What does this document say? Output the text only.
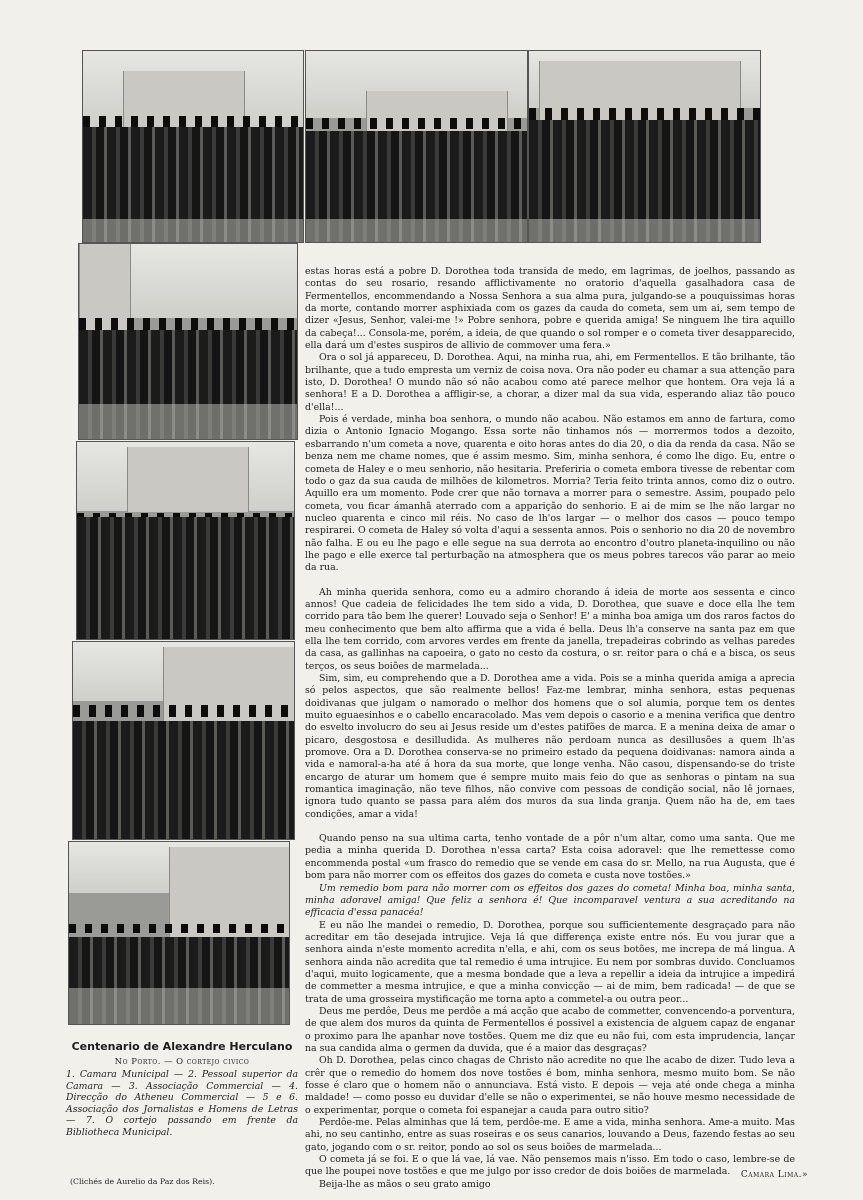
Centenario de Alexandre Herculano
No Porto. — O cortejo civico
1. Camara Municipal — 2. Pessoal superior da Camara — 3. Associação Commercial — 4. Direcção do Atheneu Commercial — 5 e 6. Associação dos Jornalistas e Homens de Letras — 7. O cortejo passando em frente da Bibliotheca Municipal.
(Clichés de Aurelio da Paz dos Reis).

estas horas está a pobre D. Dorothea toda transida de medo, em lagrimas, de joelhos, passando as contas do seu rosario, resando afflictivamente no oratorio d'aquella gasalhadora casa de Fermentellos, encommendando a Nossa Senhora a sua alma pura, julgando-se a pouquissimas horas da morte, contando morrer asphixiada com os gazes da cauda do cometa, sem um ai, sem tempo de dizer «Jesus, Senhor, valei-me !» Pobre senhora, pobre e querida amiga! Se ninguem lhe tira aquillo da cabeça!... Consola-me, porém, a ideia, de que quando o sol romper e o cometa tiver desapparecido, ella dará um d'estes suspiros de allivio de commover uma fera.»

Ora o sol já appareceu, D. Dorothea. Aqui, na minha rua, ahi, em Fermentellos. E tão brilhante, tão brilhante, que a tudo empresta um verniz de coisa nova. Ora não poder eu chamar a sua attenção para isto, D. Dorothea! O mundo não só não acabou como até parece melhor que hontem. Ora veja lá a senhora! E a D. Dorothea a affligir-se, a chorar, a dizer mal da sua vida, esperando aliaz tão pouco d'ella!...

Pois é verdade, minha boa senhora, o mundo não acabou. Não estamos em anno de fartura, como dizia o Antonio Ignacio Mogango. Essa sorte não tinhamos nós — morrermos todos a dezoito, esbarrando n'um cometa a nove, quarenta e oito horas antes do dia 20, o dia da renda da casa. Não se benza nem me chame nomes, que é assim mesmo. Sim, minha senhora, é como lhe digo. Eu, entre o cometa de Haley e o meu senhorio, não hesitaria. Preferiria o cometa embora tivesse de rebentar com todo o gaz da sua cauda de milhões de kilometros. Morria? Teria feito trinta annos, como diz o outro. Aquillo era um momento. Pode crer que não tornava a morrer para o semestre. Assim, poupado pelo cometa, vou ficar ámanhã aterrado com a apparição do senhorio. E ai de mim se lhe não largar no nucleo quarenta e cinco mil réis. No caso de lh'os largar — o melhor dos casos — pouco tempo respirarei. O cometa de Haley só volta d'aqui a sessenta annos. Pois o senhorio no dia 20 de novembro não falha. E ou eu lhe pago e elle segue na sua derrota ao encontro d'outro planeta-inquilino ou não lhe pago e elle exerce tal perturbação na atmosphera que os meus pobres tarecos vão parar ao meio da rua.

Ah minha querida senhora, como eu a admiro chorando á ideia de morte aos sessenta e cinco annos! Que cadeia de felicidades lhe tem sido a vida, D. Dorothea, que suave e doce ella lhe tem corrido para tão bem lhe querer! Louvado seja o Senhor! E' a minha boa amiga um dos raros factos do meu conhecimento que bem alto affirma que a vida é bella. Deus lh'a conserve na santa paz em que ella lhe tem corrido, com arvores verdes em frente da janella, trepadeiras cobrindo as velhas paredes da casa, as gallinhas na capoeira, o gato no cesto da costura, o sr. reitor para o chá e a bisca, os seus terços, os seus boiões de marmelada...

Sim, sim, eu comprehendo que a D. Dorothea ame a vida. Pois se a minha querida amiga a aprecia só pelos aspectos, que são realmente bellos! Faz-me lembrar, minha senhora, estas pequenas doidivanas que julgam o namorado o melhor dos homens que o sol alumia, porque tem os dentes muito eguaesinhos e o cabello encaracolado. Mas vem depois o casorio e a menina verifica que dentro do esvelto involucro do seu ai Jesus reside um d'estes patifões de marca. E a menina deixa de amar o picaro, desgostosa e desilludida. As mulheres não perdoam nunca as desillusões a quem lh'as promove. Ora a D. Dorothea conserva-se no primeiro estado da pequena doidivanas: namora ainda a vida e namoral-a-ha até á hora da sua morte, que longe venha. Não casou, dispensando-se do triste encargo de aturar um homem que é sempre muito mais feio do que as senhoras o pintam na sua romantica imaginação, não teve filhos, não convive com pessoas de condição social, não lê jornaes, ignora tudo quanto se passa para além dos muros da sua linda granja. Quem não ha de, em taes condições, amar a vida!

Quando penso na sua ultima carta, tenho vontade de a pôr n'um altar, como uma santa. Que me pedia a minha querida D. Dorothea n'essa carta? Esta coisa adoravel: que lhe remettesse como encommenda postal «um frasco do remedio que se vende em casa do sr. Mello, na rua Augusta, que é bom para não morrer com os effeitos dos gazes do cometa e custa nove tostões.»

Um remedio bom para não morrer com os effeitos dos gazes do cometa! Minha boa, minha santa, minha adoravel amiga! Que feliz a senhora é! Que incomparavel ventura a sua acreditando na efficacia d'essa panacéa!

E eu não lhe mandei o remedio, D. Dorothea, porque sou sufficientemente desgraçado para não acreditar em tão desejada intrujice. Veja lá que differença existe entre nós. Eu vou jurar que a senhora ainda n'este momento acredita n'ella, e ahi, com os seus botões, me increpa de má lingua. A senhora ainda não acredita que tal remedio é uma intrujice. Eu nem por sombras duvido. Concluamos d'aqui, muito logicamente, que a mesma bondade que a leva a repellir a ideia da intrujice a impedirá de commetter a mesma intrujice, e que a minha convicção — ai de mim, bem radicada! — de que se trata de uma grosseira mystificação me torna apto a commetel-a ou outra peor...

Deus me perdôe, Deus me perdôe a má acção que acabo de commetter, convencendo-a porventura, de que alem dos muros da quinta de Fermentellos é possivel a existencia de alguem capaz de enganar o proximo para lhe apanhar nove tostões. Quem me diz que eu não fui, com esta imprudencia, lançar na sua candida alma o germen da duvida, que é a maior das desgraças?

Oh D. Dorothea, pelas cinco chagas de Christo não acredite no que lhe acabo de dizer. Tudo leva a crêr que o remedio do homem dos nove tostões é bom, minha senhora, mesmo muito bom. Se não fosse é claro que o homem não o annunciava. Está visto. E depois — veja até onde chega a minha maldade! — como posso eu duvidar d'elle se não o experimentei, se não houve mesmo necessidade de o experimentar, porque o cometa foi espanejar a cauda para outro sitio?

Perdôe-me. Pelas alminhas que lá tem, perdôe-me. E ame a vida, minha senhora. Ame-a muito. Mas ahi, no seu cantinho, entre as suas roseiras e os seus canarios, louvando a Deus, fazendo festas ao seu gato, jogando com o sr. reitor, pondo ao sol os seus boiões de marmelada...

O cometa já se foi. E o que lá vae, lá vae. Não pensemos mais n'isso. Em todo o caso, lembre-se de que lhe poupei nove tostões e que me julgo por isso credor de dois boiões de marmelada.

Beija-lhe as mãos o seu grato amigo

Camara Lima.»
